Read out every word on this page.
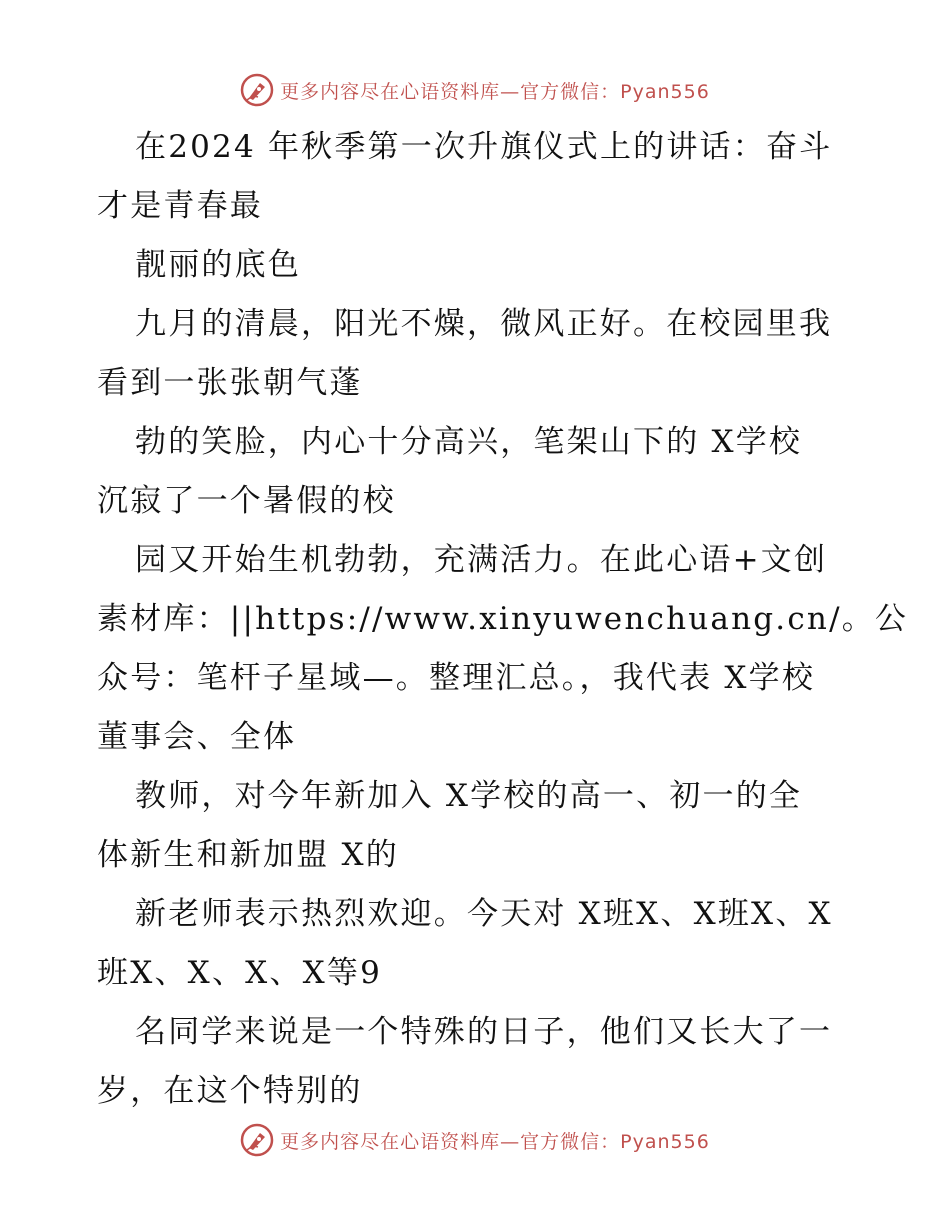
更多内容尽在心语资料库—官方微信：Pyan556
在2024 年秋季第一次升旗仪式上的讲话：奋斗
才是青春最
靓丽的底色
九月的清晨，阳光不燥，微风正好。在校园里我
看到一张张朝气蓬
勃的笑脸，内心十分高兴，笔架山下的 X学校
沉寂了一个暑假的校
园又开始生机勃勃，充满活力。在此心语+文创
素材库：||https://www.xinyuwenchuang.cn/。公
众号：笔杆子星域—。整理汇总。，我代表 X学校
董事会、全体
教师，对今年新加入 X学校的高一、初一的全
体新生和新加盟 X的
新老师表示热烈欢迎。今天对 X班X、X班X、X
班X、X、X、X等9
名同学来说是一个特殊的日子，他们又长大了一
岁，在这个特别的
更多内容尽在心语资料库—官方微信：Pyan556
